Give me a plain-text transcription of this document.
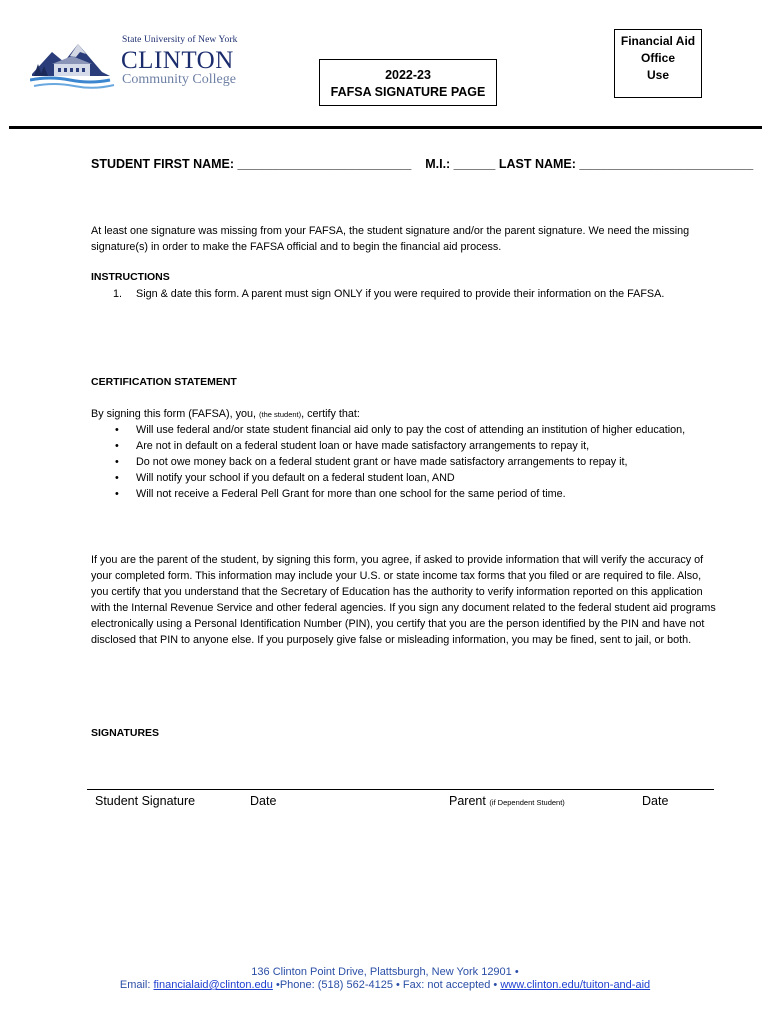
State University of New York
CLINTON
Community College	2022-23
FAFSA SIGNATURE PAGE
Financial Aid
Office
Use
STUDENT FIRST NAME: _________________________    M.I.: ______ LAST NAME: _________________________
At least one signature was missing from your FAFSA, the student signature and/or the parent signature. We need the missing signature(s) in order to make the FAFSA official and to begin the financial aid process.
INSTRUCTIONS
1. Sign & date this form. A parent must sign ONLY if you were required to provide their information on the FAFSA.
CERTIFICATION STATEMENT
By signing this form (FAFSA), you, (the student), certify that:
• Will use federal and/or state student financial aid only to pay the cost of attending an institution of higher education,
• Are not in default on a federal student loan or have made satisfactory arrangements to repay it,
• Do not owe money back on a federal student grant or have made satisfactory arrangements to repay it,
• Will notify your school if you default on a federal student loan, AND
• Will not receive a Federal Pell Grant for more than one school for the same period of time.
If you are the parent of the student, by signing this form, you agree, if asked to provide information that will verify the accuracy of your completed form. This information may include your U.S. or state income tax forms that you filed or are required to file. Also, you certify that you understand that the Secretary of Education has the authority to verify information reported on this application with the Internal Revenue Service and other federal agencies. If you sign any document related to the federal student aid programs electronically using a Personal Identification Number (PIN), you certify that you are the person identified by the PIN and have not disclosed that PIN to anyone else. If you purposely give false or misleading information, you may be fined, sent to jail, or both.
SIGNATURES
Student Signature	Date	Parent (if Dependent Student)	Date
136 Clinton Point Drive, Plattsburgh, New York 12901 •
Email: financialaid@clinton.edu •Phone: (518) 562-4125 • Fax: not accepted • www.clinton.edu/tuiton-and-aid
